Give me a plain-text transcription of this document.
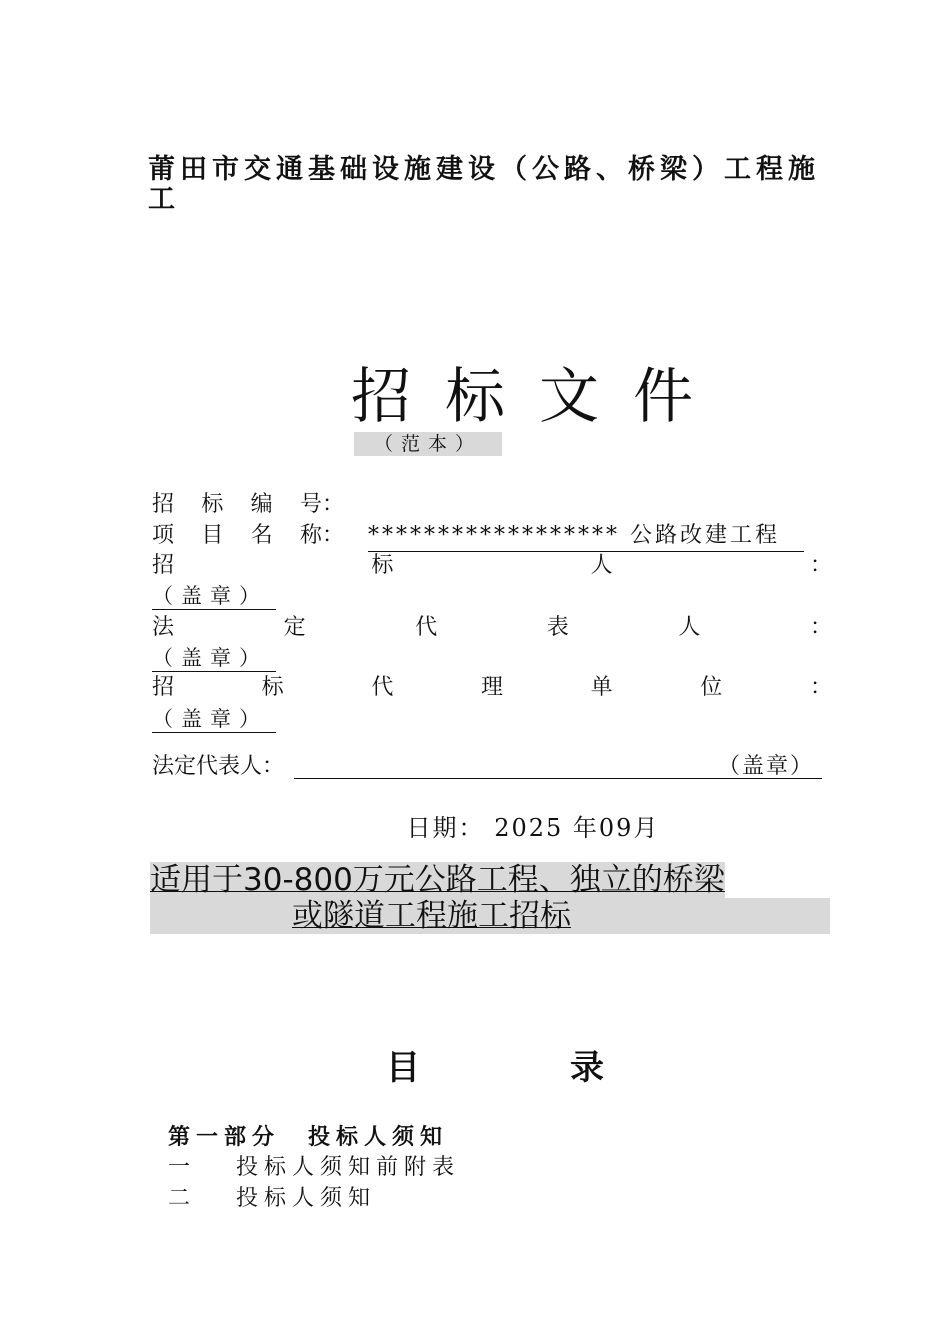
莆田市交通基础设施建设（公路、桥梁）工程施
工
招标文件
（范本）
招 标 编 号：
项 目 名 称： ****************** 公路改建工程
招	标	人	：
（盖章）
法	定	代	表	人	：
（盖章）
招	标	代	理	单	位	：
（盖章）
法定代表人：	（盖章）
日期： 2025 年09月
适用于30-800万元公路工程、独立的桥梁
或隧道工程施工招标
目	录
第一部分　投标人须知
一 投标人须知前附表
二 投标人须知
